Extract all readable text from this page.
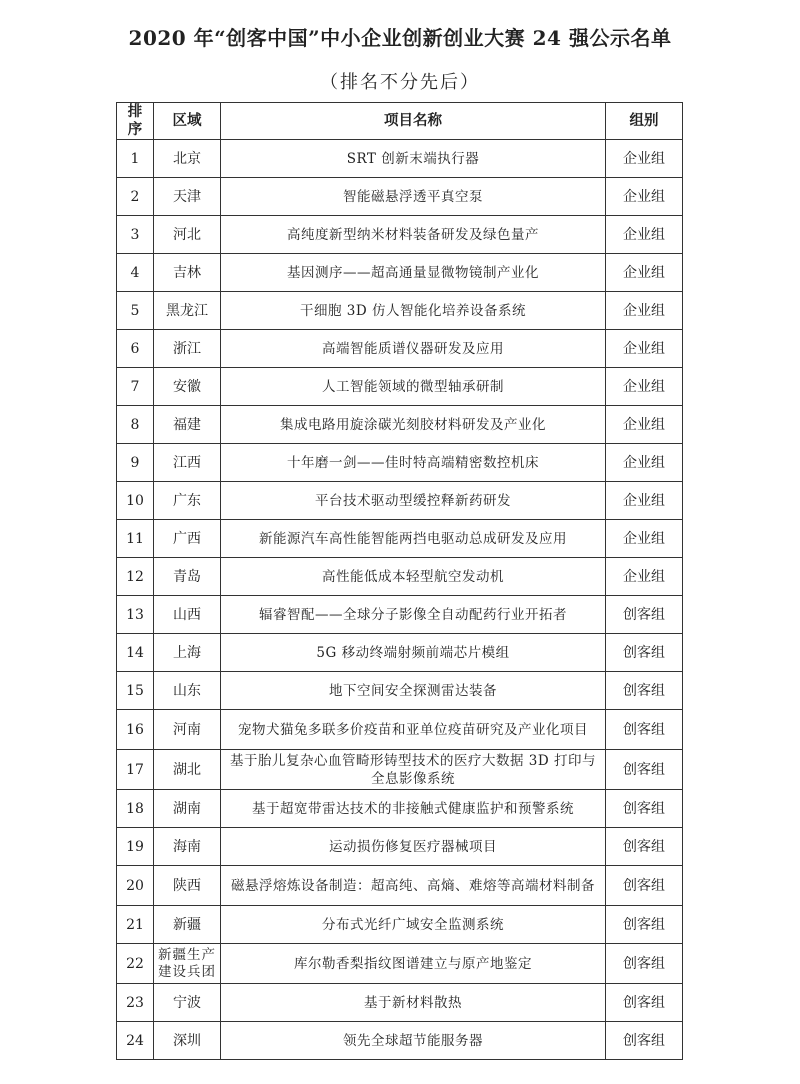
2020 年“创客中国”中小企业创新创业大赛 24 强公示名单
（排名不分先后）
排序	区域	项目名称	组别
1	北京	SRT 创新末端执行器	企业组
2	天津	智能磁悬浮透平真空泵	企业组
3	河北	高纯度新型纳米材料装备研发及绿色量产	企业组
4	吉林	基因测序——超高通量显微物镜制产业化	企业组
5	黑龙江	干细胞 3D 仿人智能化培养设备系统	企业组
6	浙江	高端智能质谱仪器研发及应用	企业组
7	安徽	人工智能领域的微型轴承研制	企业组
8	福建	集成电路用旋涂碳光刻胶材料研发及产业化	企业组
9	江西	十年磨一剑——佳时特高端精密数控机床	企业组
10	广东	平台技术驱动型缓控释新药研发	企业组
11	广西	新能源汽车高性能智能两挡电驱动总成研发及应用	企业组
12	青岛	高性能低成本轻型航空发动机	企业组
13	山西	辐睿智配——全球分子影像全自动配药行业开拓者	创客组
14	上海	5G 移动终端射频前端芯片模组	创客组
15	山东	地下空间安全探测雷达装备	创客组
16	河南	宠物犬猫兔多联多价疫苗和亚单位疫苗研究及产业化项目	创客组
17	湖北	基于胎儿复杂心血管畸形铸型技术的医疗大数据 3D 打印与全息影像系统	创客组
18	湖南	基于超宽带雷达技术的非接触式健康监护和预警系统	创客组
19	海南	运动损伤修复医疗器械项目	创客组
20	陕西	磁悬浮熔炼设备制造：超高纯、高熵、难熔等高端材料制备	创客组
21	新疆	分布式光纤广域安全监测系统	创客组
22	新疆生产建设兵团	库尔勒香梨指纹图谱建立与原产地鉴定	创客组
23	宁波	基于新材料散热	创客组
24	深圳	领先全球超节能服务器	创客组
